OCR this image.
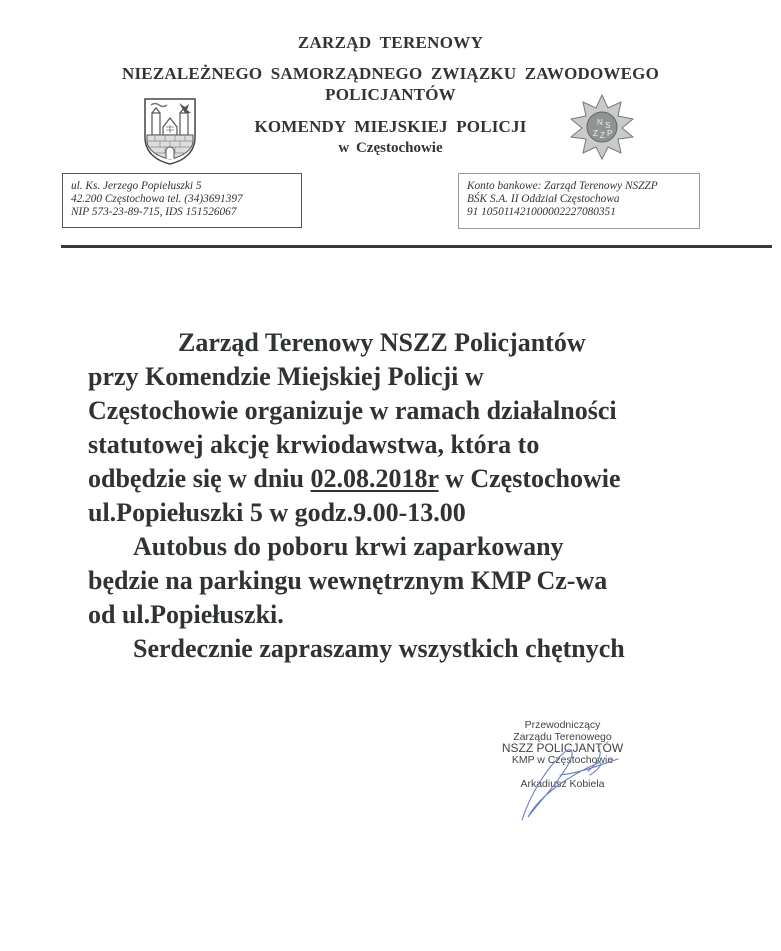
ZARZĄD TERENOWY
NIEZALEŻNEGO SAMORZĄDNEGO ZWIĄZKU ZAWODOWEGO
POLICJANTÓW
KOMENDY MIEJSKIEJ POLICJI
w Częstochowie
N S
Z Z P
ul. Ks. Jerzego Popiełuszki 5
42.200 Częstochowa tel. (34)3691397
NIP 573-23-89-715, IDS 151526067
Konto bankowe: Zarząd Terenowy NSZZP
BŚK S.A. II Oddział Częstochowa
91 105011421000002227080351
Zarząd Terenowy NSZZ Policjantów
przy Komendzie Miejskiej Policji w
Częstochowie organizuje w ramach działalności
statutowej akcję krwiodawstwa, która to
odbędzie się w dniu 02.08.2018r w Częstochowie
ul.Popiełuszki 5 w godz.9.00-13.00
Autobus do poboru krwi zaparkowany
będzie na parkingu wewnętrznym KMP Cz-wa
od ul.Popiełuszki.
Serdecznie zapraszamy wszystkich chętnych
Przewodniczący
Zarządu Terenowego
NSZZ POLICJANTÓW
KMP w Częstochowie
Arkadiusz Kobiela
